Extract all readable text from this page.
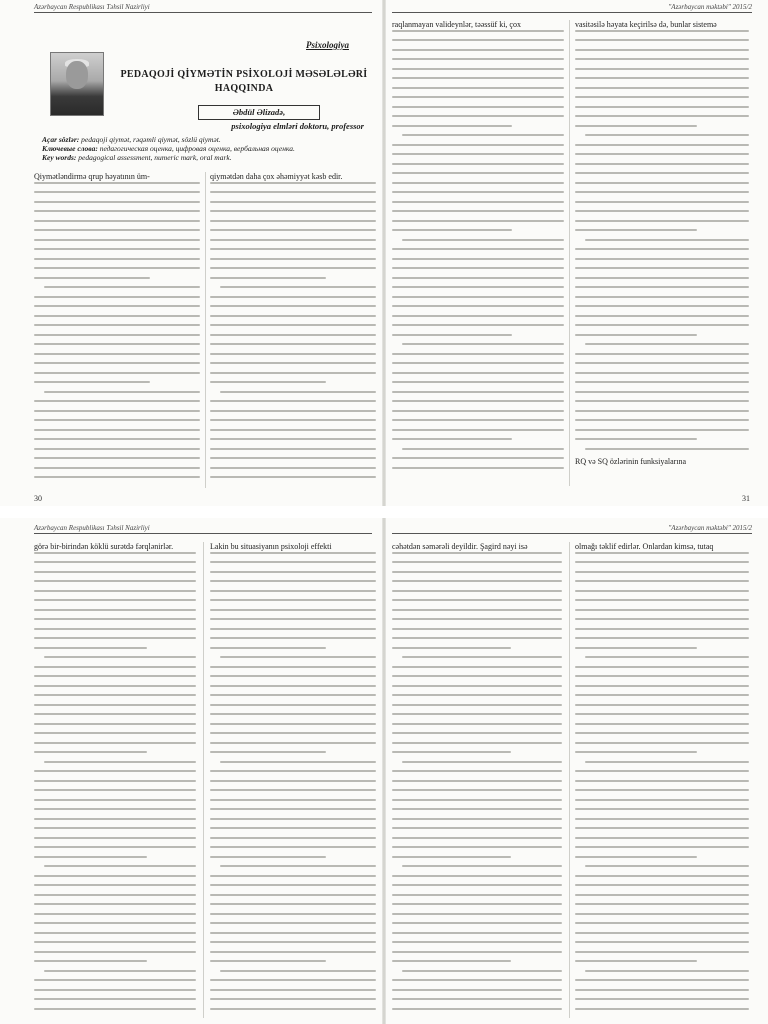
Azərbaycan Respublikası Təhsil Nazirliyi
Psixologiya
PEDAQOJİ QİYMƏTİN PSİXOLOJİ MƏSƏLƏLƏRİ HAQQINDA
Əbdül Əlizadə,
psixologiya elmləri doktoru, professor
Açar sözlər: pedaqoji qiymət, rəqəmli qiymət, sözlü qiymət.
Ключевые слова: педагогическая оценка, цифровая оценка, вербальная оценка.
Key words: pedagogical assessment, numeric mark, oral mark.

Qiymətləndirmə qrup həyatının üm-	qiymətdən daha çox əhəmiyyət kəsb edir.

30
"Azərbaycan məktəbi" 2015/2

raqlanmayan valideynlər, təəssüf ki, çox	vasitəsilə həyata keçirilsə də, bunlar sistemə

RQ və SQ özlərinin funksiyalarına

31
Azərbaycan Respublikası Təhsil Nazirliyi

görə bir-birindən köklü surətdə fərqlənirlər.	Lakin bu situasiyanın psixoloji effekti

"Azərbaycan məktəbi" 2015/2

cəhətdən səmərəli deyildir. Şagird nəyi isə	olmağı təklif edirlər. Onlardan kimsə, tutaq
